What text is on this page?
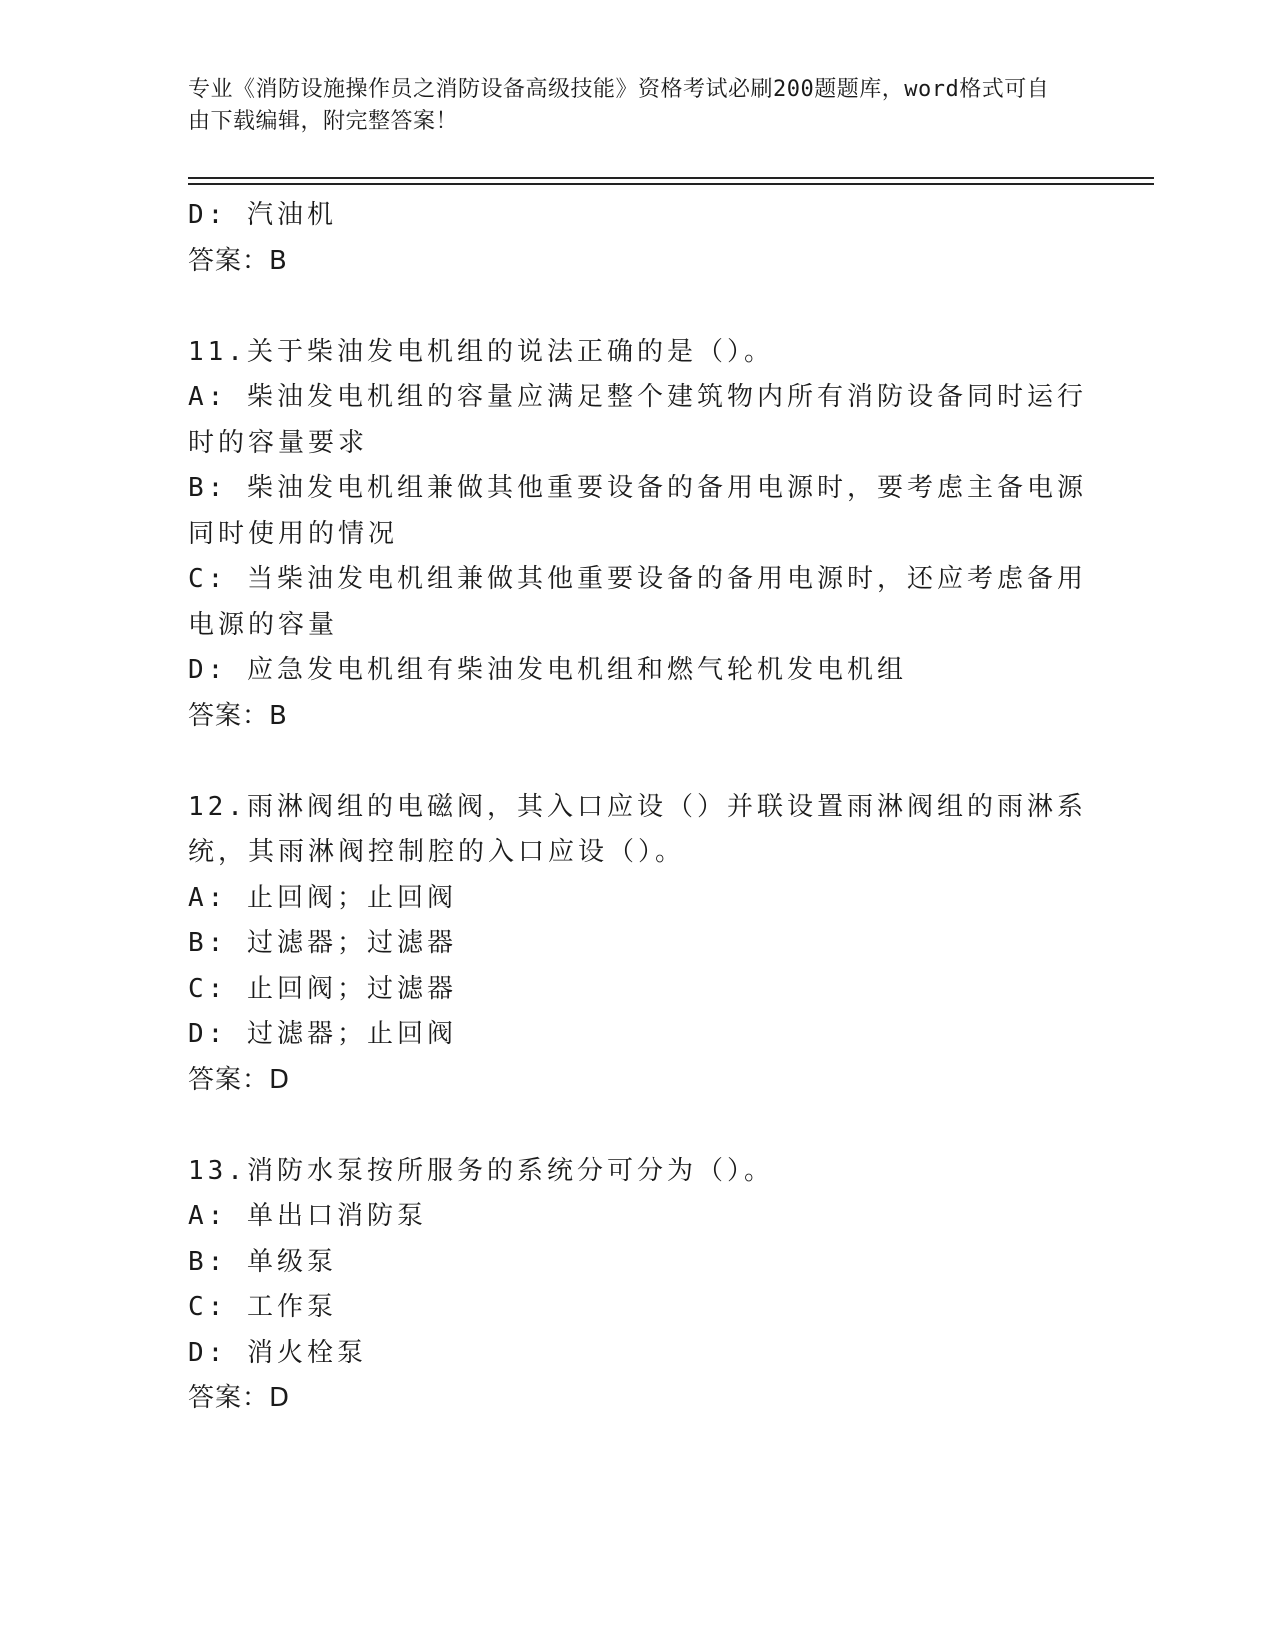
专业《消防设施操作员之消防设备高级技能》资格考试必刷200题题库，word格式可自由下载编辑，附完整答案！

D: 汽油机

答案：B

11.关于柴油发电机组的说法正确的是（）。

A: 柴油发电机组的容量应满足整个建筑物内所有消防设备同时运行时的容量要求

B: 柴油发电机组兼做其他重要设备的备用电源时，要考虑主备电源同时使用的情况

C: 当柴油发电机组兼做其他重要设备的备用电源时，还应考虑备用电源的容量

D: 应急发电机组有柴油发电机组和燃气轮机发电机组

答案：B

12.雨淋阀组的电磁阀，其入口应设（）并联设置雨淋阀组的雨淋系统，其雨淋阀控制腔的入口应设（）。

A: 止回阀；止回阀

B: 过滤器；过滤器

C: 止回阀；过滤器

D: 过滤器；止回阀

答案：D

13.消防水泵按所服务的系统分可分为（）。

A: 单出口消防泵

B: 单级泵

C: 工作泵

D: 消火栓泵

答案：D
